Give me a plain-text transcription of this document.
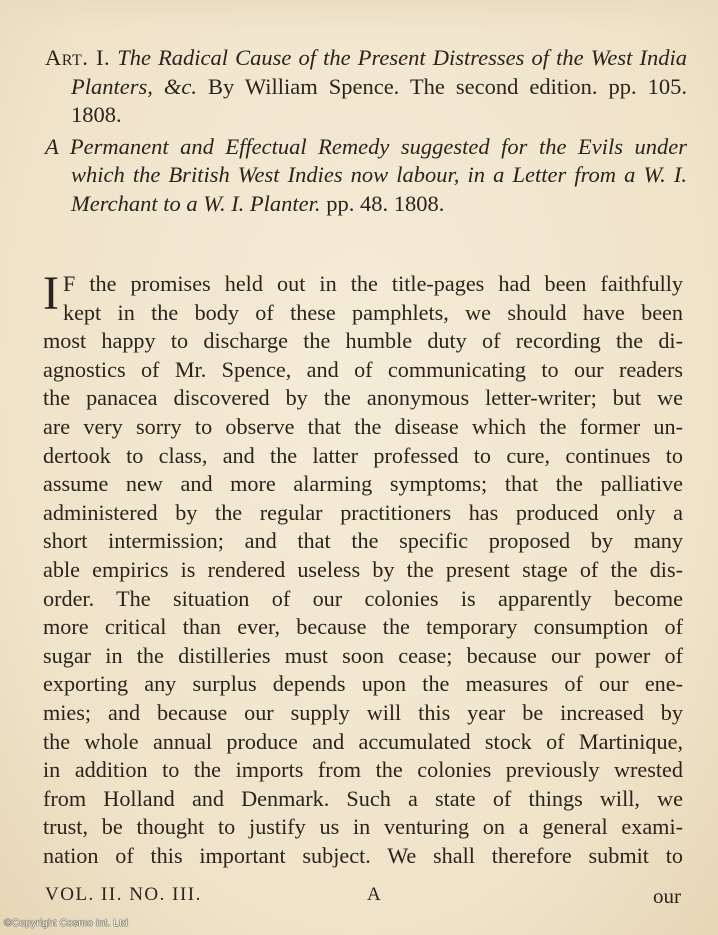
Art. I. The Radical Cause of the Present Distresses of the West India Planters, &c. By William Spence. The second edition. pp. 105. 1808.

A Permanent and Effectual Remedy suggested for the Evils under which the British West Indies now labour, in a Letter from a W. I. Merchant to a W. I. Planter. pp. 48. 1808.

I F the promises held out in the title-pages had been faithfully
kept in the body of these pamphlets, we should have been
most happy to discharge the humble duty of recording the di-
agnostics of Mr. Spence, and of communicating to our readers
the panacea discovered by the anonymous letter-writer; but we
are very sorry to observe that the disease which the former un-
dertook to class, and the latter professed to cure, continues to
assume new and more alarming symptoms; that the palliative
administered by the regular practitioners has produced only a
short intermission; and that the specific proposed by many
able empirics is rendered useless by the present stage of the dis-
order. The situation of our colonies is apparently become
more critical than ever, because the temporary consumption of
sugar in the distilleries must soon cease; because our power of
exporting any surplus depends upon the measures of our ene-
mies; and because our supply will this year be increased by
the whole annual produce and accumulated stock of Martinique,
in addition to the imports from the colonies previously wrested
from Holland and Denmark. Such a state of things will, we
trust, be thought to justify us in venturing on a general exami-
nation of this important subject. We shall therefore submit to
VOL. II. NO. III.	A	our
©Copyright Cosmo Int. Ltd
